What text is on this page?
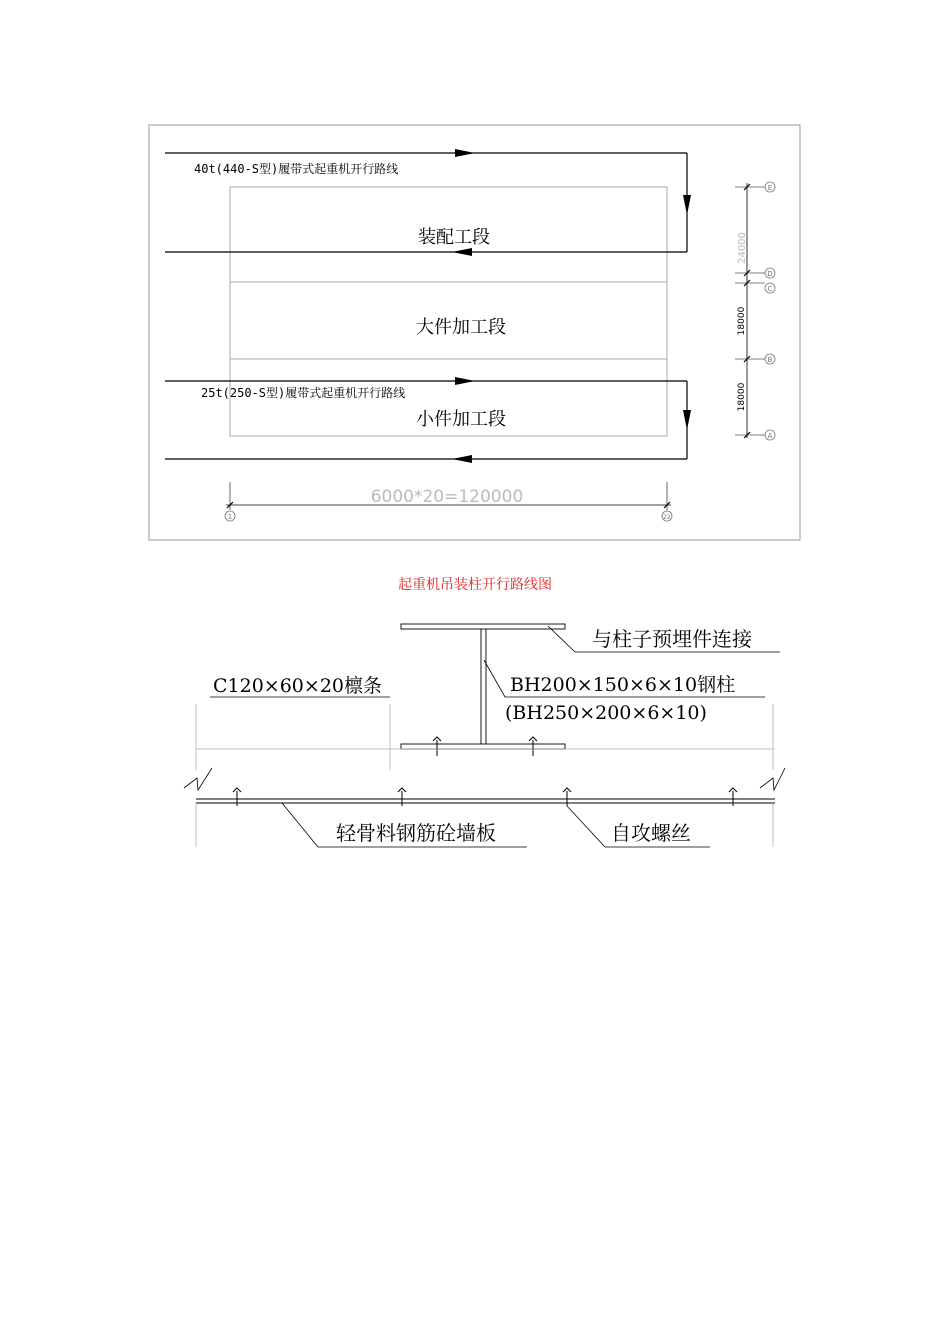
40t(440-S型)履带式起重机开行路线
25t(250-S型)履带式起重机开行路线
装配工段
大件加工段
小件加工段
24000
18000
18000
E
D
C
B
A
6000*20=120000
1	22
与柱子预埋件连接
C120×60×20檩条	BH200×150×6×10钢柱
(BH250×200×6×10)
轻骨料钢筋砼墙板	自攻螺丝
起重机吊装柱开行路线图
